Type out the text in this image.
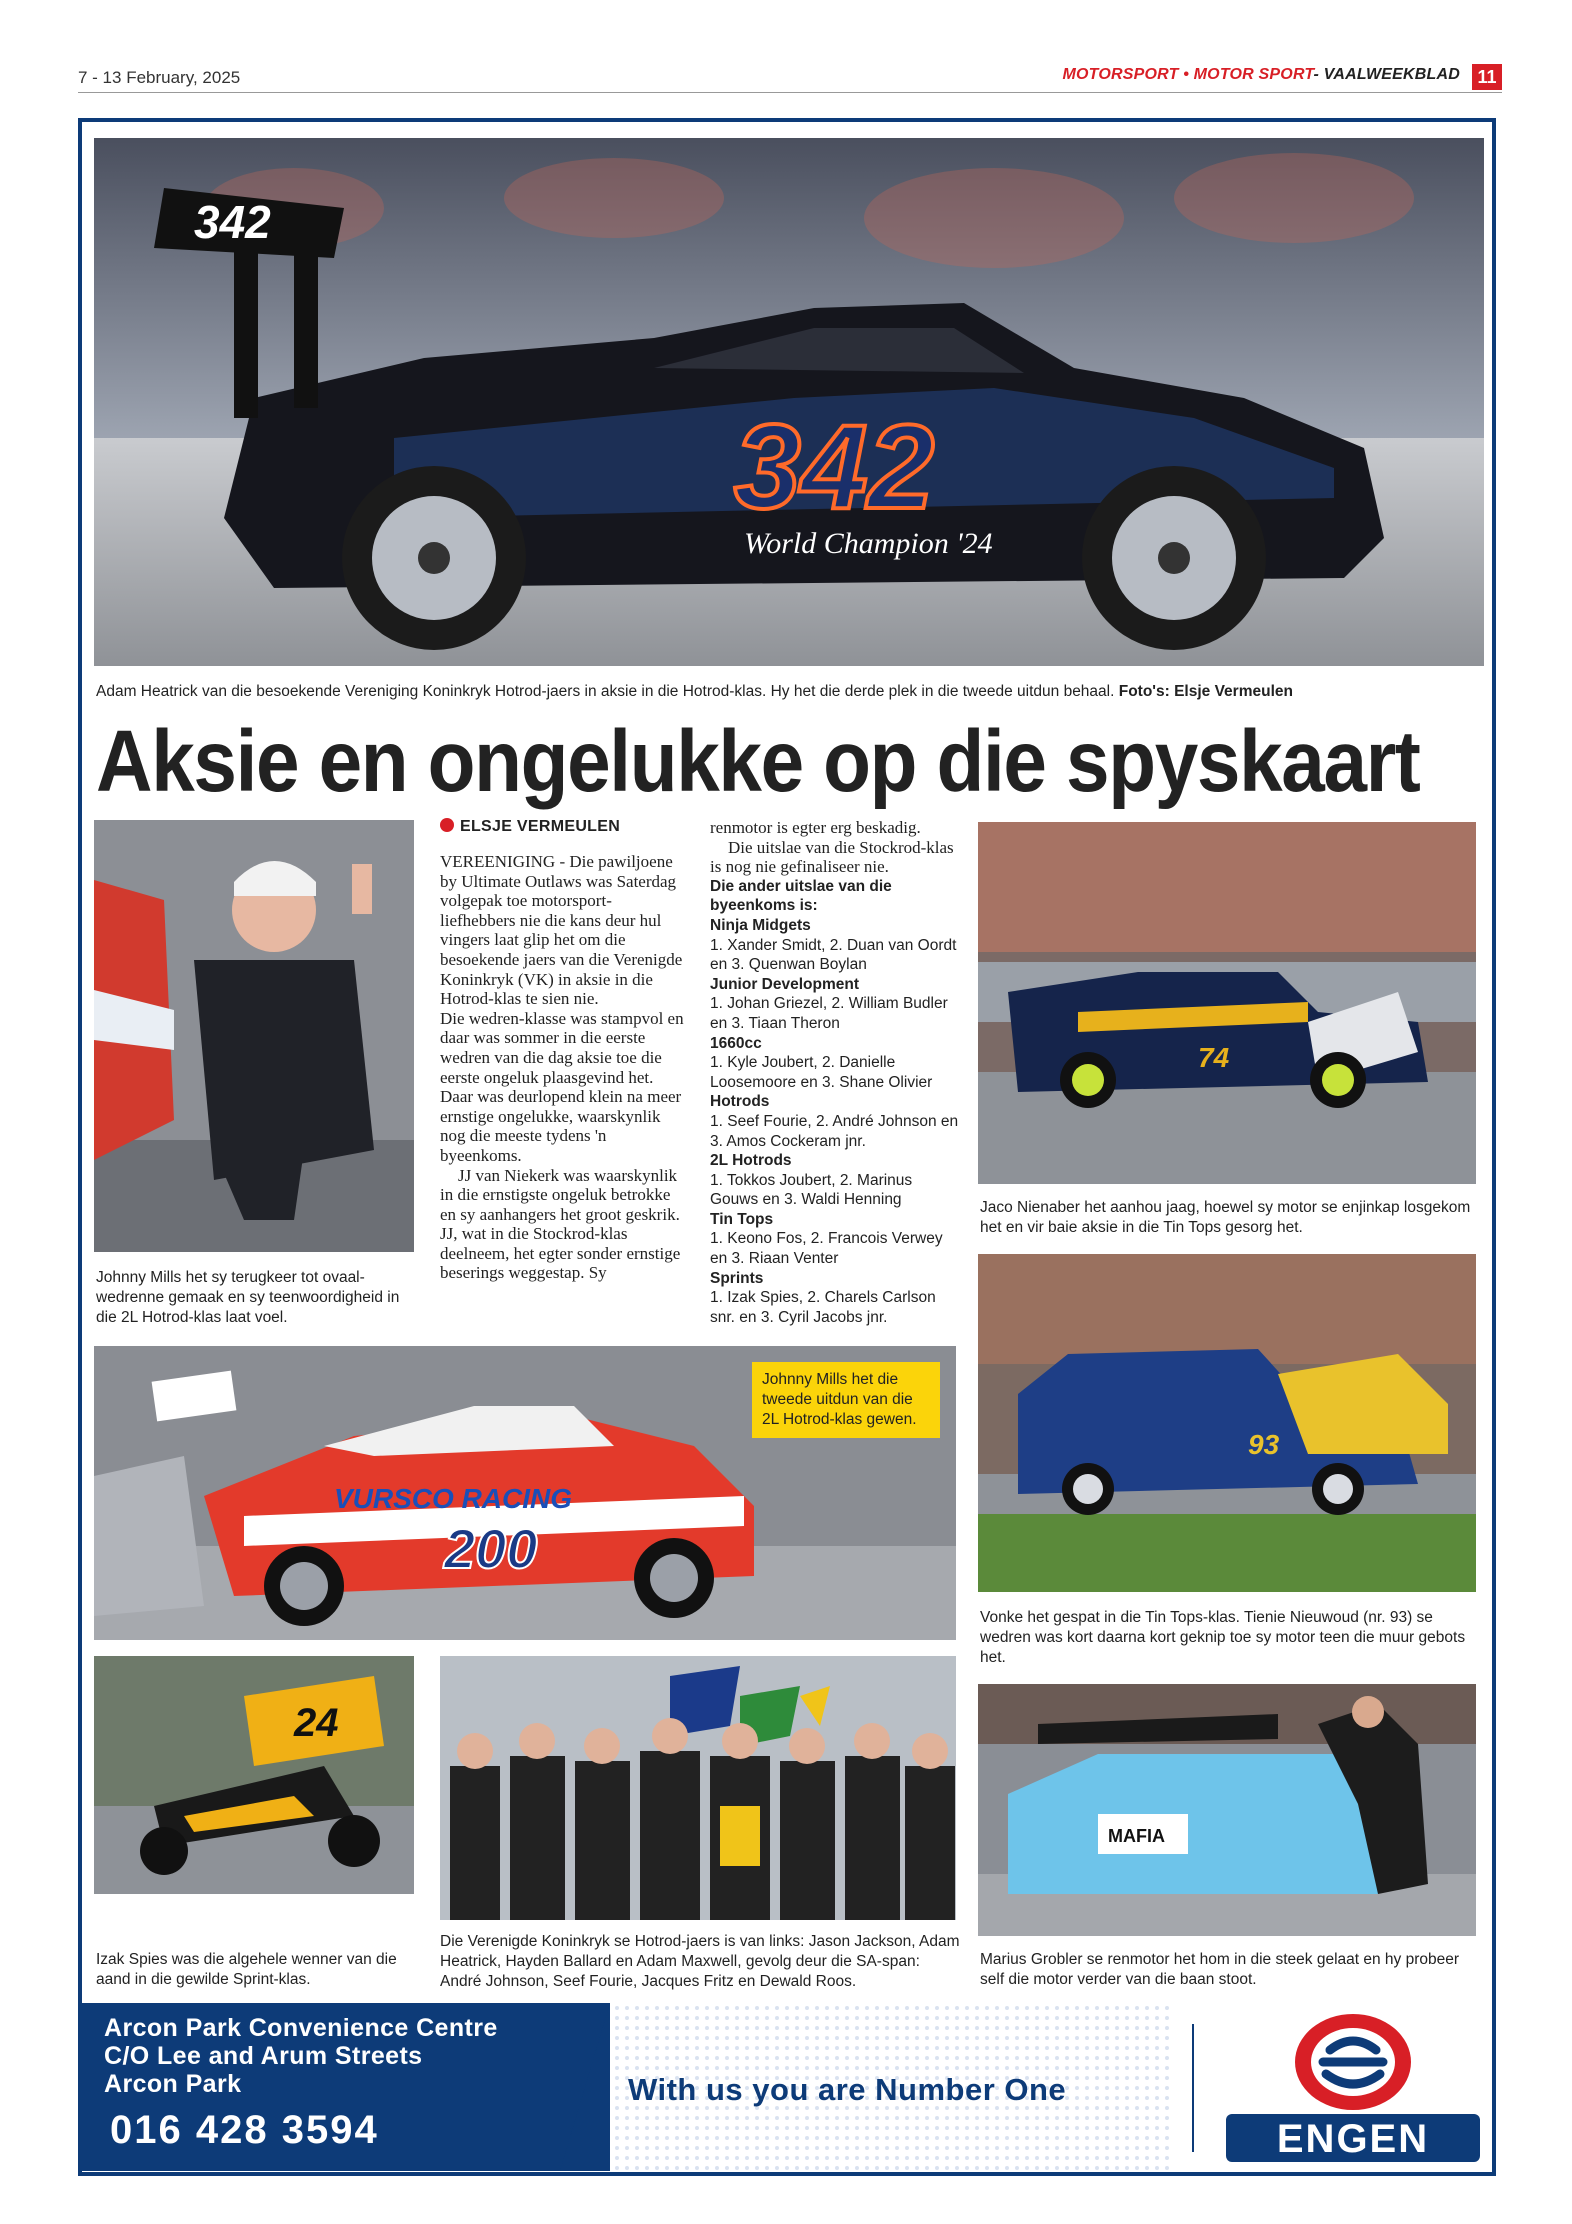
7 - 13 February, 2025	MOTORSPORT • MOTOR SPORT- VAALWEEKBLAD 11
342
342
World Champion '24
Adam Heatrick van die besoekende Vereniging Koninkryk Hotrod-jaers in aksie in die Hotrod-klas. Hy het die derde plek in die tweede uitdun behaal. Foto's: Elsje Vermeulen
Aksie en ongelukke op die spyskaart
Johnny Mills het sy terugkeer tot ovaal-wedrenne gemaak en sy teenwoordigheid in die 2L Hotrod-klas laat voel.
ELSJE VERMEULEN

VEREENIGING - Die pawiljoene by Ultimate Outlaws was Saterdag volgepak toe motorsport-liefhebbers nie die kans deur hul vingers laat glip het om die besoekende jaers van die Verenigde Koninkryk (VK) in aksie in die Hotrod-klas te sien nie.

Die wedren-klasse was stampvol en daar was sommer in die eerste wedren van die dag aksie toe die eerste ongeluk plaasgevind het. Daar was deurlopend klein na meer ernstige ongelukke, waarskynlik nog die meeste tydens 'n byeenkoms.

JJ van Niekerk was waarskynlik in die ernstigste ongeluk betrokke en sy aanhangers het groot geskrik. JJ, wat in die Stockrod-klas deelneem, het egter sonder ernstige beserings weggestap. Sy

renmotor is egter erg beskadig.

Die uitslae van die Stockrod-klas is nog nie gefinaliseer nie.

Die ander uitslae van die byeenkoms is:
Ninja Midgets
1. Xander Smidt, 2. Duan van Oordt en 3. Quenwan Boylan
Junior Development
1. Johan Griezel, 2. William Budler en 3. Tiaan Theron
1660cc
1. Kyle Joubert, 2. Danielle Loosemoore en 3. Shane Olivier
Hotrods
1. Seef Fourie, 2. André Johnson en 3. Amos Cockeram jnr.
2L Hotrods
1. Tokkos Joubert, 2. Marinus Gouws en 3. Waldi Henning
Tin Tops
1. Keono Fos, 2. Francois Verwey en 3. Riaan Venter
Sprints
1. Izak Spies, 2. Charels Carlson snr. en 3. Cyril Jacobs jnr.
74
Jaco Nienaber het aanhou jaag, hoewel sy motor se enjinkap losgekom het en vir baie aksie in die Tin Tops gesorg het.
VURSCO RACING
200
Johnny Mills het die tweede uitdun van die 2L Hotrod-klas gewen.
93
Vonke het gespat in die Tin Tops-klas. Tienie Nieuwoud (nr. 93) se wedren was kort daarna kort geknip toe sy motor teen die muur gebots het.
24
Izak Spies was die algehele wenner van die aand in die gewilde Sprint-klas.
Die Verenigde Koninkryk se Hotrod-jaers is van links: Jason Jackson, Adam Heatrick, Hayden Ballard en Adam Maxwell, gevolg deur die SA-span: André Johnson, Seef Fourie, Jacques Fritz en Dewald Roos.
MAFIA
Marius Grobler se renmotor het hom in die steek gelaat en hy probeer self die motor verder van die baan stoot.
Arcon Park Convenience Centre
C/O Lee and Arum Streets
Arcon Park
016 428 3594
With us you are Number One
ENGEN
